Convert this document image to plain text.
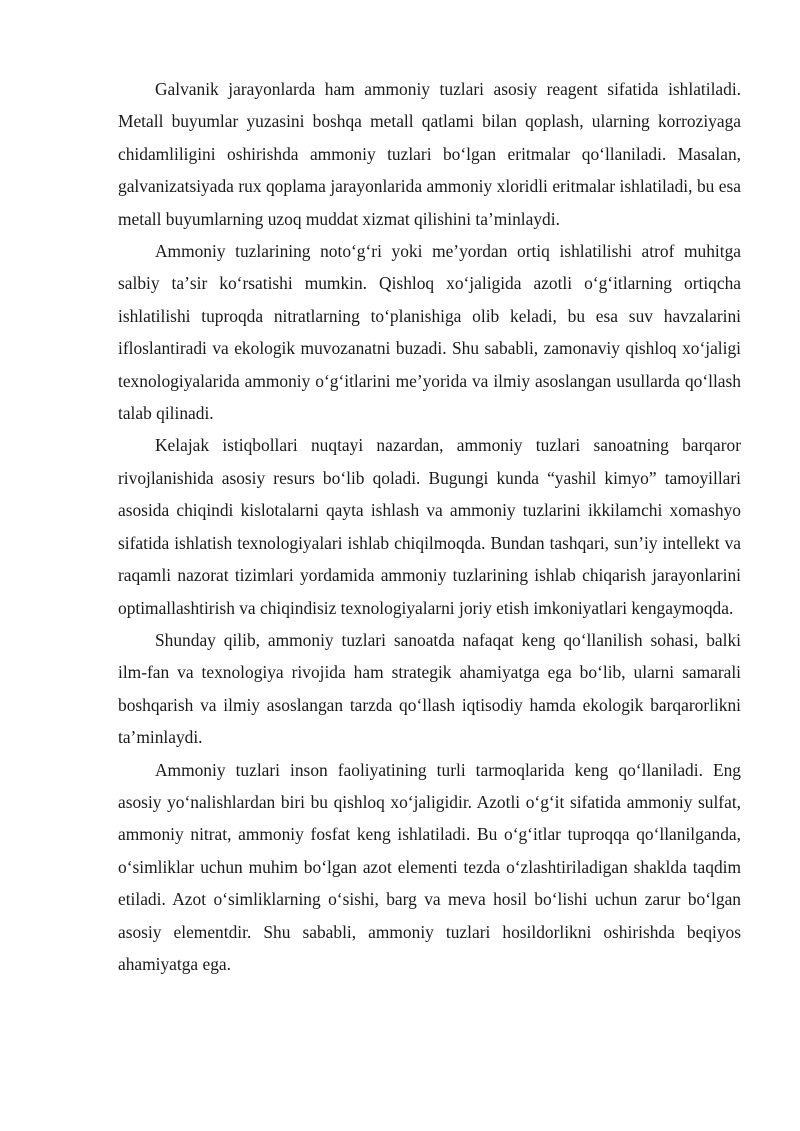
Galvanik jarayonlarda ham ammoniy tuzlari asosiy reagent sifatida ishlatiladi. Metall buyumlar yuzasini boshqa metall qatlami bilan qoplash, ularning korroziyaga chidamliligini oshirishda ammoniy tuzlari boʻlgan eritmalar qoʻllaniladi. Masalan, galvanizatsiyada rux qoplama jarayonlarida ammoniy xloridli eritmalar ishlatiladi, bu esa metall buyumlarning uzoq muddat xizmat qilishini taʼminlaydi.

Ammoniy tuzlarining notoʻgʻri yoki meʼyordan ortiq ishlatilishi atrof muhitga salbiy taʼsir koʻrsatishi mumkin. Qishloq xoʻjaligida azotli oʻgʻitlarning ortiqcha ishlatilishi tuproqda nitratlarning toʻplanishiga olib keladi, bu esa suv havzalarini ifloslantiradi va ekologik muvozanatni buzadi. Shu sababli, zamonaviy qishloq xoʻjaligi texnologiyalarida ammoniy oʻgʻitlarini meʼyorida va ilmiy asoslangan usullarda qoʻllash talab qilinadi.

Kelajak istiqbollari nuqtayi nazardan, ammoniy tuzlari sanoatning barqaror rivojlanishida asosiy resurs boʻlib qoladi. Bugungi kunda “yashil kimyo” tamoyillari asosida chiqindi kislotalarni qayta ishlash va ammoniy tuzlarini ikkilamchi xomashyo sifatida ishlatish texnologiyalari ishlab chiqilmoqda. Bundan tashqari, sunʼiy intellekt va raqamli nazorat tizimlari yordamida ammoniy tuzlarining ishlab chiqarish jarayonlarini optimallashtirish va chiqindisiz texnologiyalarni joriy etish imkoniyatlari kengaymoqda.

Shunday qilib, ammoniy tuzlari sanoatda nafaqat keng qoʻllanilish sohasi, balki ilm-fan va texnologiya rivojida ham strategik ahamiyatga ega boʻlib, ularni samarali boshqarish va ilmiy asoslangan tarzda qoʻllash iqtisodiy hamda ekologik barqarorlikni taʼminlaydi.

Ammoniy tuzlari inson faoliyatining turli tarmoqlarida keng qoʻllaniladi. Eng asosiy yoʻnalishlardan biri bu qishloq xoʻjaligidir. Azotli oʻgʻit sifatida ammoniy sulfat, ammoniy nitrat, ammoniy fosfat keng ishlatiladi. Bu oʻgʻitlar tuproqqa qoʻllanilganda, oʻsimliklar uchun muhim boʻlgan azot elementi tezda oʻzlashtiriladigan shaklda taqdim etiladi. Azot oʻsimliklarning oʻsishi, barg va meva hosil boʻlishi uchun zarur boʻlgan asosiy elementdir. Shu sababli, ammoniy tuzlari hosildorlikni oshirishda beqiyos ahamiyatga ega.
